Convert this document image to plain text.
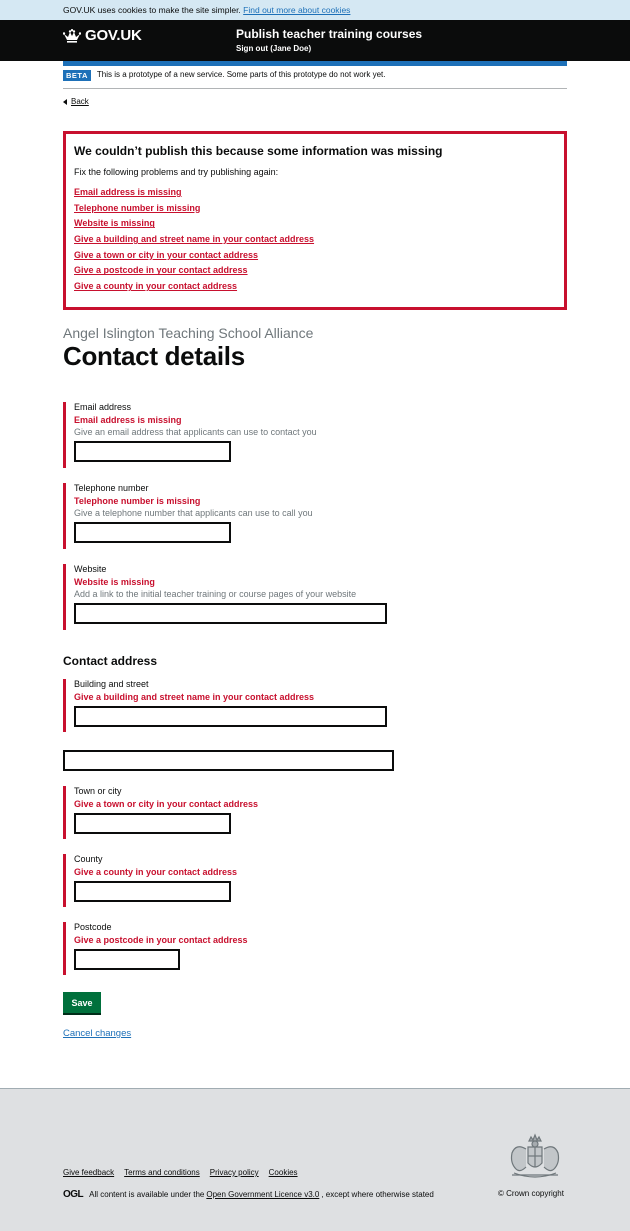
GOV.UK uses cookies to make the site simpler. Find out more about cookies
GOV.UK	Publish teacher training courses
Sign out (Jane Doe)
BETA	This is a prototype of a new service. Some parts of this prototype do not work yet.
Back
We couldn’t publish this because some information was missing

Fix the following problems and try publishing again:

Email address is missing
Telephone number is missing
Website is missing
Give a building and street name in your contact address
Give a town or city in your contact address
Give a postcode in your contact address
Give a county in your contact address
Angel Islington Teaching School Alliance
Contact details
Email address
Email address is missing
Give an email address that applicants can use to contact you
Telephone number
Telephone number is missing
Give a telephone number that applicants can use to call you
Website
Website is missing
Add a link to the initial teacher training or course pages of your website
Contact address
Building and street
Give a building and street name in your contact address
Town or city
Give a town or city in your contact address
County
Give a county in your contact address
Postcode
Give a postcode in your contact address
Save
Cancel changes
Give feedback Terms and conditions Privacy policy Cookies
OGL All content is available under the Open Government Licence v3.0 , except where otherwise stated	© Crown copyright
